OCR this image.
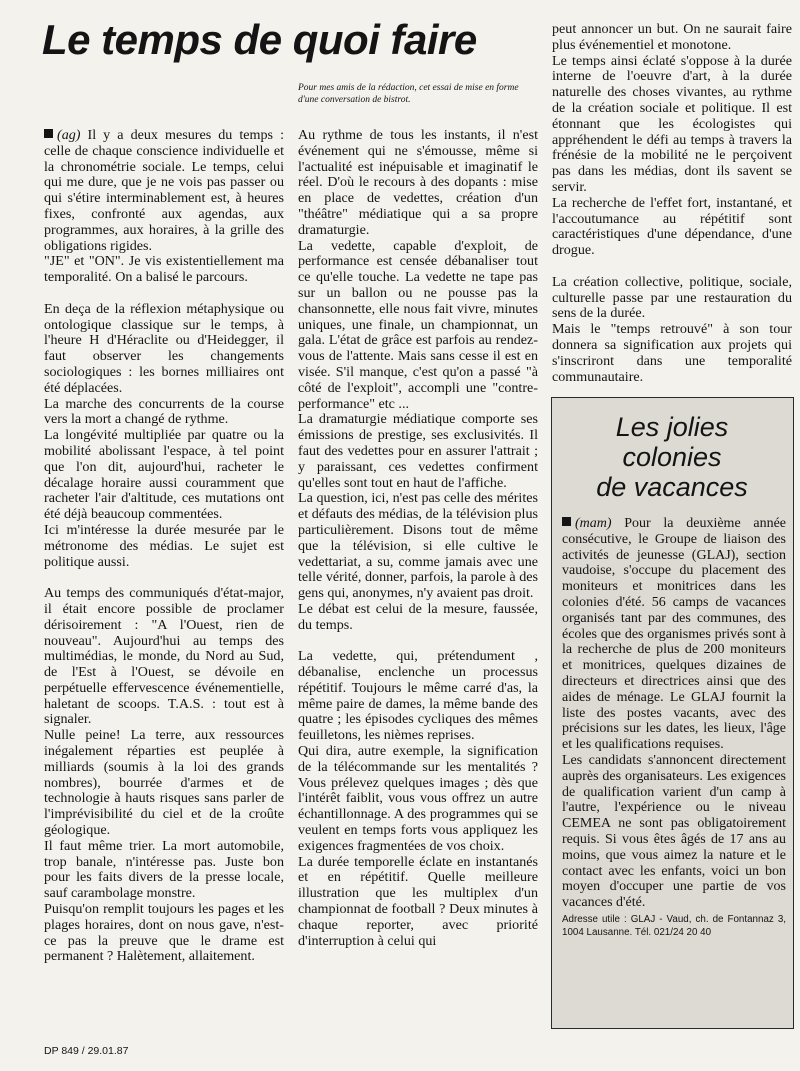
Le temps de quoi faire
Pour mes amis de la rédaction, cet essai de mise en forme d'une conversation de bistrot.

(ag) Il y a deux mesures du temps : celle de chaque conscience individuelle et la chronométrie sociale. Le temps, celui qui me dure, que je ne vois pas passer ou qui s'étire interminablement est, à heures fixes, confronté aux agendas, aux programmes, aux horaires, à la grille des obligations rigides.

"JE" et "ON". Je vis existentiellement ma temporalité. On a balisé le parcours.

En deça de la réflexion métaphysique ou ontologique classique sur le temps, à l'heure H d'Héraclite ou d'Heidegger, il faut observer les changements sociologiques : les bornes milliaires ont été déplacées.

La marche des concurrents de la course vers la mort a changé de rythme.

La longévité multipliée par quatre ou la mobilité abolissant l'espace, à tel point que l'on dit, aujourd'hui, racheter le décalage horaire aussi couramment que racheter l'air d'altitude, ces mutations ont été déjà beaucoup commentées.

Ici m'intéresse la durée mesurée par le métronome des médias. Le sujet est politique aussi.

Au temps des communiqués d'état-major, il était encore possible de proclamer dérisoirement : "A l'Ouest, rien de nouveau". Aujourd'hui au temps des multimédias, le monde, du Nord au Sud, de l'Est à l'Ouest, se dévoile en perpétuelle effervescence événementielle, haletant de scoops. T.A.S. : tout est à signaler.

Nulle peine! La terre, aux ressources inégalement réparties est peuplée à milliards (soumis à la loi des grands nombres), bourrée d'armes et de technologie à hauts risques sans parler de l'imprévisibilité du ciel et de la croûte géologique.

Il faut même trier. La mort automobile, trop banale, n'intéresse pas. Juste bon pour les faits divers de la presse locale, sauf carambolage monstre.

Puisqu'on remplit toujours les pages et les plages horaires, dont on nous gave, n'est-ce pas la preuve que le drame est permanent ? Halètement, allaitement.

Au rythme de tous les instants, il n'est événement qui ne s'émousse, même si l'actualité est inépuisable et imaginatif le réel. D'où le recours à des dopants : mise en place de vedettes, création d'un "théâtre" médiatique qui a sa propre dramaturgie.

La vedette, capable d'exploit, de performance est censée débanaliser tout ce qu'elle touche. La vedette ne tape pas sur un ballon ou ne pousse pas la chansonnette, elle nous fait vivre, minutes uniques, une finale, un championnat, un gala. L'état de grâce est parfois au rendez-vous de l'attente. Mais sans cesse il est en visée. S'il manque, c'est qu'on a passé "à côté de l'exploit", accompli une "contre-performance" etc ...

La dramaturgie médiatique comporte ses émissions de prestige, ses exclusivités. Il faut des vedettes pour en assurer l'attrait ; y paraissant, ces vedettes confirment qu'elles sont tout en haut de l'affiche.

La question, ici, n'est pas celle des mérites et défauts des médias, de la télévision plus particulièrement. Disons tout de même que la télévision, si elle cultive le vedettariat, a su, comme jamais avec une telle vérité, donner, parfois, la parole à des gens qui, anonymes, n'y avaient pas droit.

Le débat est celui de la mesure, faussée, du temps.

La vedette, qui, prétendument , débanalise, enclenche un processus répétitif. Toujours le même carré d'as, la même paire de dames, la même bande des quatre ; les épisodes cycliques des mêmes feuilletons, les nièmes reprises.

Qui dira, autre exemple, la signification de la télécommande sur les mentalités ? Vous prélevez quelques images ; dès que l'intérêt faiblit, vous vous offrez un autre échantillonnage. A des programmes qui se veulent en temps forts vous appliquez les exigences fragmentées de vos choix.

La durée temporelle éclate en instantanés et en répétitif. Quelle meilleure illustration que les multiplex d'un championnat de football ? Deux minutes à chaque reporter, avec priorité d'interruption à celui qui

peut annoncer un but. On ne saurait faire plus événementiel et monotone.

Le temps ainsi éclaté s'oppose à la durée interne de l'oeuvre d'art, à la durée naturelle des choses vivantes, au rythme de la création sociale et politique. Il est étonnant que les écologistes qui appréhendent le défi au temps à travers la frénésie de la mobilité ne le perçoivent pas dans les médias, dont ils savent se servir.

La recherche de l'effet fort, instantané, et l'accoutumance au répétitif sont caractéristiques d'une dépendance, d'une drogue.

La création collective, politique, sociale, culturelle passe par une restauration du sens de la durée.

Mais le "temps retrouvé" à son tour donnera sa signification aux projets qui s'inscriront dans une temporalité communautaire.

Les jolies
colonies
de vacances

(mam) Pour la deuxième année consécutive, le Groupe de liaison des activités de jeunesse (GLAJ), section vaudoise, s'occupe du placement des moniteurs et monitrices dans les colonies d'été. 56 camps de vacances organisés tant par des communes, des écoles que des organismes privés sont à la recherche de plus de 200 moniteurs et monitrices, quelques dizaines de directeurs et directrices ainsi que des aides de ménage. Le GLAJ fournit la liste des postes vacants, avec des précisions sur les dates, les lieux, l'âge et les qualifications requises.

Les candidats s'annoncent directement auprès des organisateurs. Les exigences de qualification varient d'un camp à l'autre, l'expérience ou le niveau CEMEA ne sont pas obligatoirement requis. Si vous êtes âgés de 17 ans au moins, que vous aimez la nature et le contact avec les enfants, voici un bon moyen d'occuper une partie de vos vacances d'été.

Adresse utile : GLAJ - Vaud, ch. de Fontannaz 3, 1004 Lausanne. Tél. 021/24 20 40

DP 849 / 29.01.87
